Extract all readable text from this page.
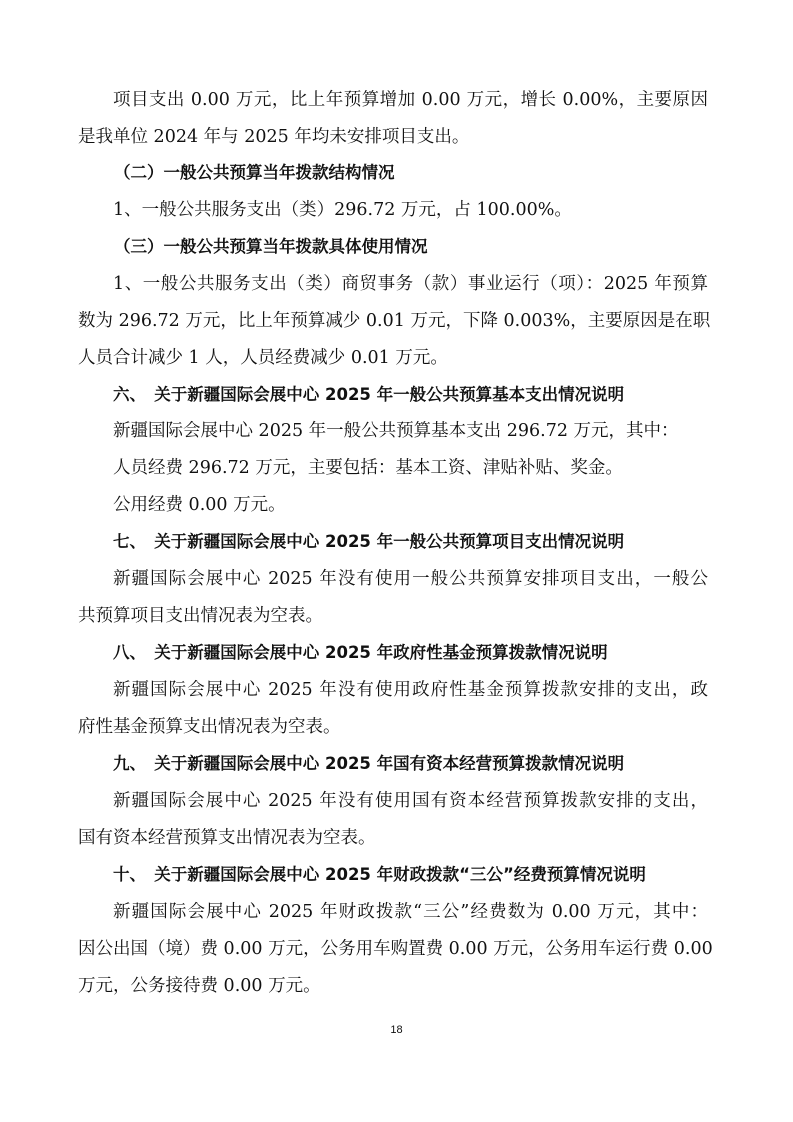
项目支出 0.00 万元，比上年预算增加 0.00 万元，增长 0.00%，主要原因
是我单位 2024 年与 2025 年均未安排项目支出。
（二）一般公共预算当年拨款结构情况
1、一般公共服务支出（类）296.72 万元，占 100.00%。
（三）一般公共预算当年拨款具体使用情况
1、一般公共服务支出（类）商贸事务（款）事业运行（项）：2025 年预算
数为 296.72 万元，比上年预算减少 0.01 万元，下降 0.003%，主要原因是在职
人员合计减少 1 人，人员经费减少 0.01 万元。
六、　关于新疆国际会展中心 2025 年一般公共预算基本支出情况说明
新疆国际会展中心 2025 年一般公共预算基本支出 296.72 万元，其中：
人员经费 296.72 万元，主要包括：基本工资、津贴补贴、奖金。
公用经费 0.00 万元。
七、　关于新疆国际会展中心 2025 年一般公共预算项目支出情况说明
新疆国际会展中心 2025 年没有使用一般公共预算安排项目支出，一般公
共预算项目支出情况表为空表。
八、　关于新疆国际会展中心 2025 年政府性基金预算拨款情况说明
新疆国际会展中心 2025 年没有使用政府性基金预算拨款安排的支出，政
府性基金预算支出情况表为空表。
九、　关于新疆国际会展中心 2025 年国有资本经营预算拨款情况说明
新疆国际会展中心 2025 年没有使用国有资本经营预算拨款安排的支出，
国有资本经营预算支出情况表为空表。
十、　关于新疆国际会展中心 2025 年财政拨款“三公”经费预算情况说明
新疆国际会展中心 2025 年财政拨款“三公”经费数为 0.00 万元，其中：
因公出国（境）费 0.00 万元，公务用车购置费 0.00 万元，公务用车运行费 0.00
万元，公务接待费 0.00 万元。
18
